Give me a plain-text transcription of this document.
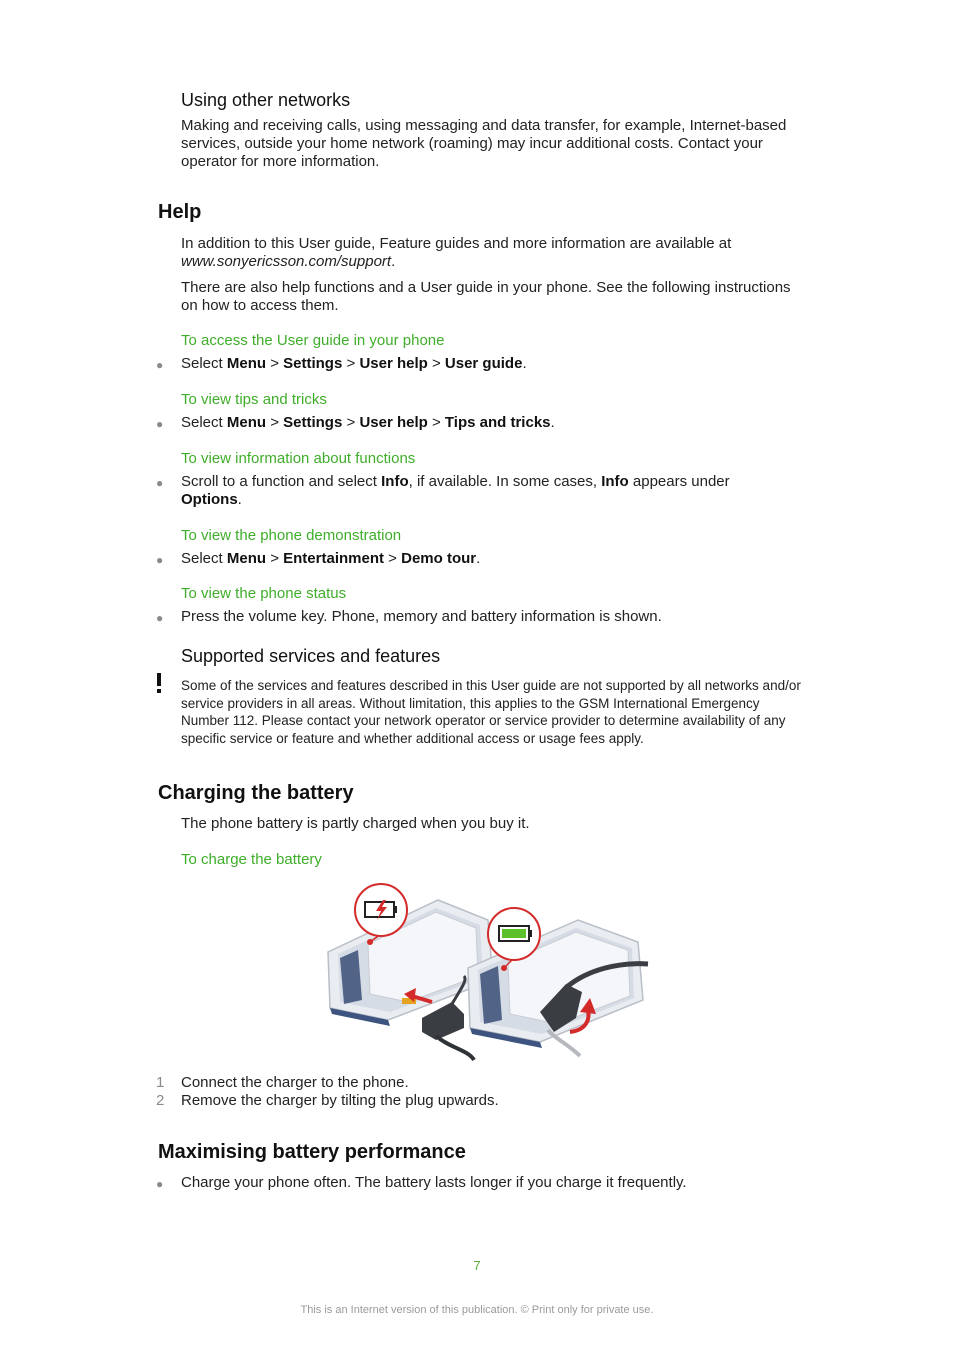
Using other networks
Making and receiving calls, using messaging and data transfer, for example, Internet-based services, outside your home network (roaming) may incur additional costs. Contact your operator for more information.
Help
In addition to this User guide, Feature guides and more information are available at
www.sonyericsson.com/support.
There are also help functions and a User guide in your phone. See the following instructions on how to access them.
To access the User guide in your phone
● Select Menu > Settings > User help > User guide.
To view tips and tricks
● Select Menu > Settings > User help > Tips and tricks.
To view information about functions
● Scroll to a function and select Info, if available. In some cases, Info appears under
Options.
To view the phone demonstration
● Select Menu > Entertainment > Demo tour.
To view the phone status
● Press the volume key. Phone, memory and battery information is shown.
Supported services and features
Some of the services and features described in this User guide are not supported by all networks and/or service providers in all areas. Without limitation, this applies to the GSM International Emergency Number 112. Please contact your network operator or service provider to determine availability of any specific service or feature and whether additional access or usage fees apply.
Charging the battery
The phone battery is partly charged when you buy it.
To charge the battery
1 Connect the charger to the phone.
2 Remove the charger by tilting the plug upwards.
Maximising battery performance
● Charge your phone often. The battery lasts longer if you charge it frequently.
7
This is an Internet version of this publication. © Print only for private use.
